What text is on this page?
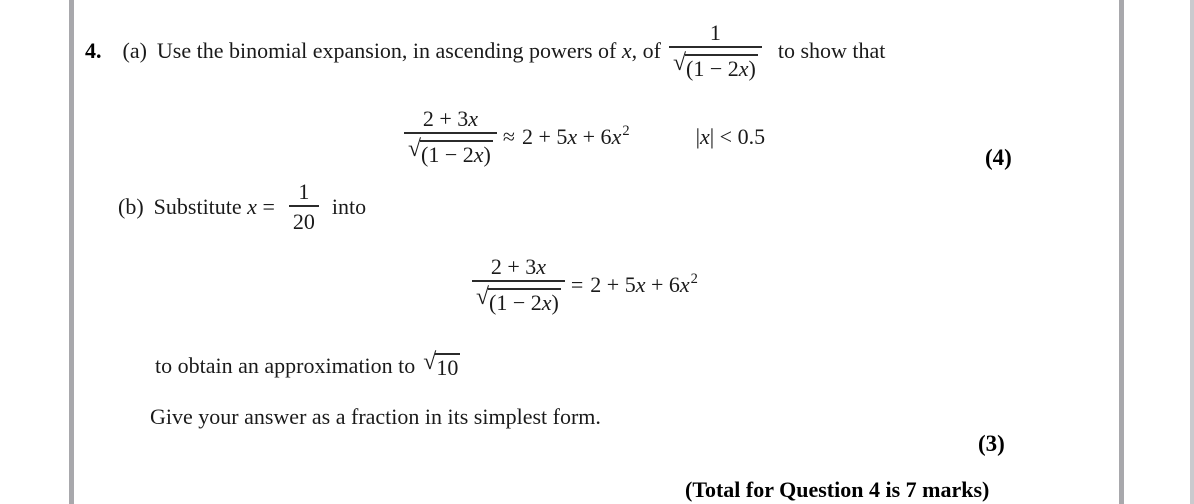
4. (a) Use the binomial expansion, in ascending powers of x, of $\frac{1}{√ (1 - 2x)}$ to show that
$\frac{2 + 3x}{√ (1 - 2x)} \approx 2 + 5x + 6x^2$	|x| < 0.5
(4)
(b) Substitute $x = \frac{1}{20}$ into
$\frac{2 + 3x}{√ (1 - 2x)} = 2 + 5x + 6x^2$
to obtain an approximation to √ 10
Give your answer as a fraction in its simplest form.
(3)
(Total for Question 4 is 7 marks)
